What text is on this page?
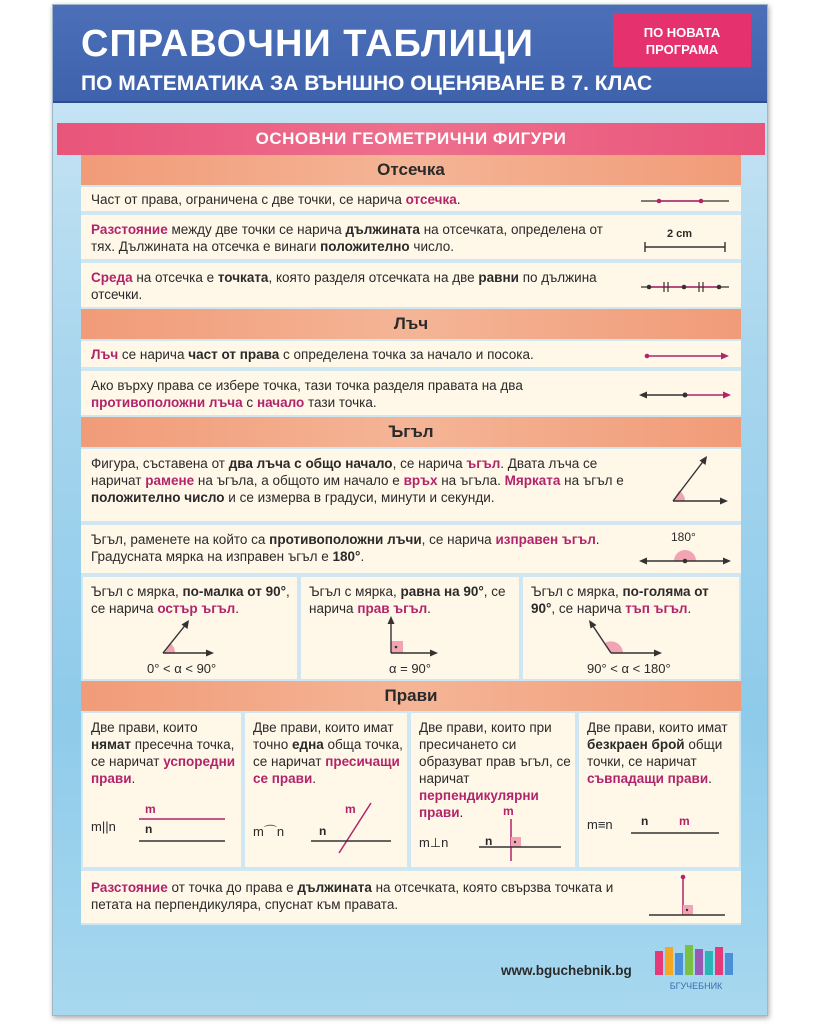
СПРАВОЧНИ ТАБЛИЦИ
ПО МАТЕМАТИКА ЗА ВЪНШНО ОЦЕНЯВАНЕ В 7. КЛАС
ПО НОВАТА
ПРОГРАМА
ОСНОВНИ ГЕОМЕТРИЧНИ ФИГУРИ
Отсечка
Част от права, ограничена с две точки, се нарича отсечка.
Разстояние между две точки се нарича дължината на отсечката, определена от тях. Дължината на отсечка е винаги положително число.
2 cm
Среда на отсечка е точката, която разделя отсечката на две равни по дължина отсечки.
Лъч
Лъч се нарича част от права с определена точка за начало и посока.
Ако върху права се избере точка, тази точка разделя правата на два противоположни лъча с начало тази точка.
Ъгъл
Фигура, съставена от два лъча с общо начало, се нарича ъгъл. Двата лъча се наричат рамене на ъгъла, а общото им начало е връх на ъгъла. Мярката на ъгъл е положително число и се измерва в градуси, минути и секунди.
Ъгъл, раменете на който са противоположни лъчи, се нарича изправен ъгъл. Градусната мярка на изправен ъгъл е 180°.
180°
Ъгъл с мярка, по-малка от 90°, се нарича остър ъгъл.
0° < α < 90°
Ъгъл с мярка, равна на 90°, се нарича прав ъгъл.
α = 90°
Ъгъл с мярка, по-голяма от 90°, се нарича тъп ъгъл.
90° < α < 180°
Прави
Две прави, които нямат пресечна точка, се наричат успоредни прави.
m||n
m
n
Две прави, които имат точно една обща точка, се наричат пресичащи се прави.
m⌒n
m
n
Две прави, които при пресичането си образуват прав ъгъл, се наричат перпендикулярни прави.
m⊥n
m
n
Две прави, които имат безкраен брой общи точки, се наричат съвпадащи прави.
m≡n n	m
Разстояние от точка до права е дължината на отсечката, която свързва точката и петата на перпендикуляра, спуснат към правата.
www.bguchebnik.bg
БГУЧЕБНИК
